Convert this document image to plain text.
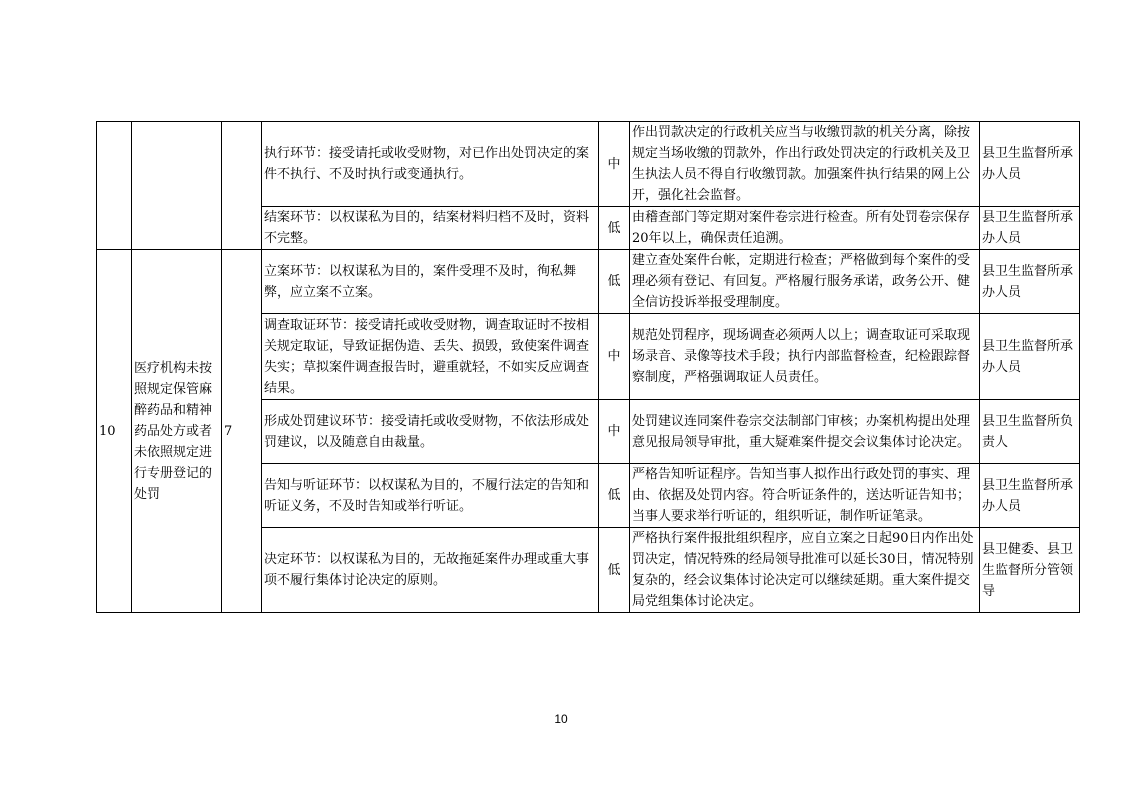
			执行环节：接受请托或收受财物，对已作出处罚决定的案件不执行、不及时执行或变通执行。	中	作出罚款决定的行政机关应当与收缴罚款的机关分离，除按规定当场收缴的罚款外，作出行政处罚决定的行政机关及卫生执法人员不得自行收缴罚款。加强案件执行结果的网上公开，强化社会监督。	县卫生监督所承办人员
			结案环节：以权谋私为目的，结案材料归档不及时，资料不完整。	低	由稽查部门等定期对案件卷宗进行检查。所有处罚卷宗保存20年以上，确保责任追溯。	县卫生监督所承办人员
10	医疗机构未按照规定保管麻醉药品和精神药品处方或者未依照规定进行专册登记的处罚	7	立案环节：以权谋私为目的，案件受理不及时，徇私舞弊，应立案不立案。	低	建立查处案件台帐，定期进行检查；严格做到每个案件的受理必须有登记、有回复。严格履行服务承诺，政务公开、健全信访投诉举报受理制度。	县卫生监督所承办人员
			调查取证环节：接受请托或收受财物，调查取证时不按相关规定取证，导致证据伪造、丢失、损毁，致使案件调查失实；草拟案件调查报告时，避重就轻，不如实反应调查结果。	中	规范处罚程序，现场调查必须两人以上；调查取证可采取现场录音、录像等技术手段；执行内部监督检查，纪检跟踪督察制度，严格强调取证人员责任。	县卫生监督所承办人员
			形成处罚建议环节：接受请托或收受财物，不依法形成处罚建议，以及随意自由裁量。	中	处罚建议连同案件卷宗交法制部门审核；办案机构提出处理意见报局领导审批，重大疑难案件提交会议集体讨论决定。	县卫生监督所负责人
			告知与听证环节：以权谋私为目的，不履行法定的告知和听证义务，不及时告知或举行听证。	低	严格告知听证程序。告知当事人拟作出行政处罚的事实、理由、依据及处罚内容。符合听证条件的，送达听证告知书；当事人要求举行听证的，组织听证，制作听证笔录。	县卫生监督所承办人员
			决定环节：以权谋私为目的，无故拖延案件办理或重大事项不履行集体讨论决定的原则。	低	严格执行案件报批组织程序，应自立案之日起90日内作出处罚决定，情况特殊的经局领导批准可以延长30日，情况特别复杂的，经会议集体讨论决定可以继续延期。重大案件提交局党组集体讨论决定。	县卫健委、县卫生监督所分管领导
10
